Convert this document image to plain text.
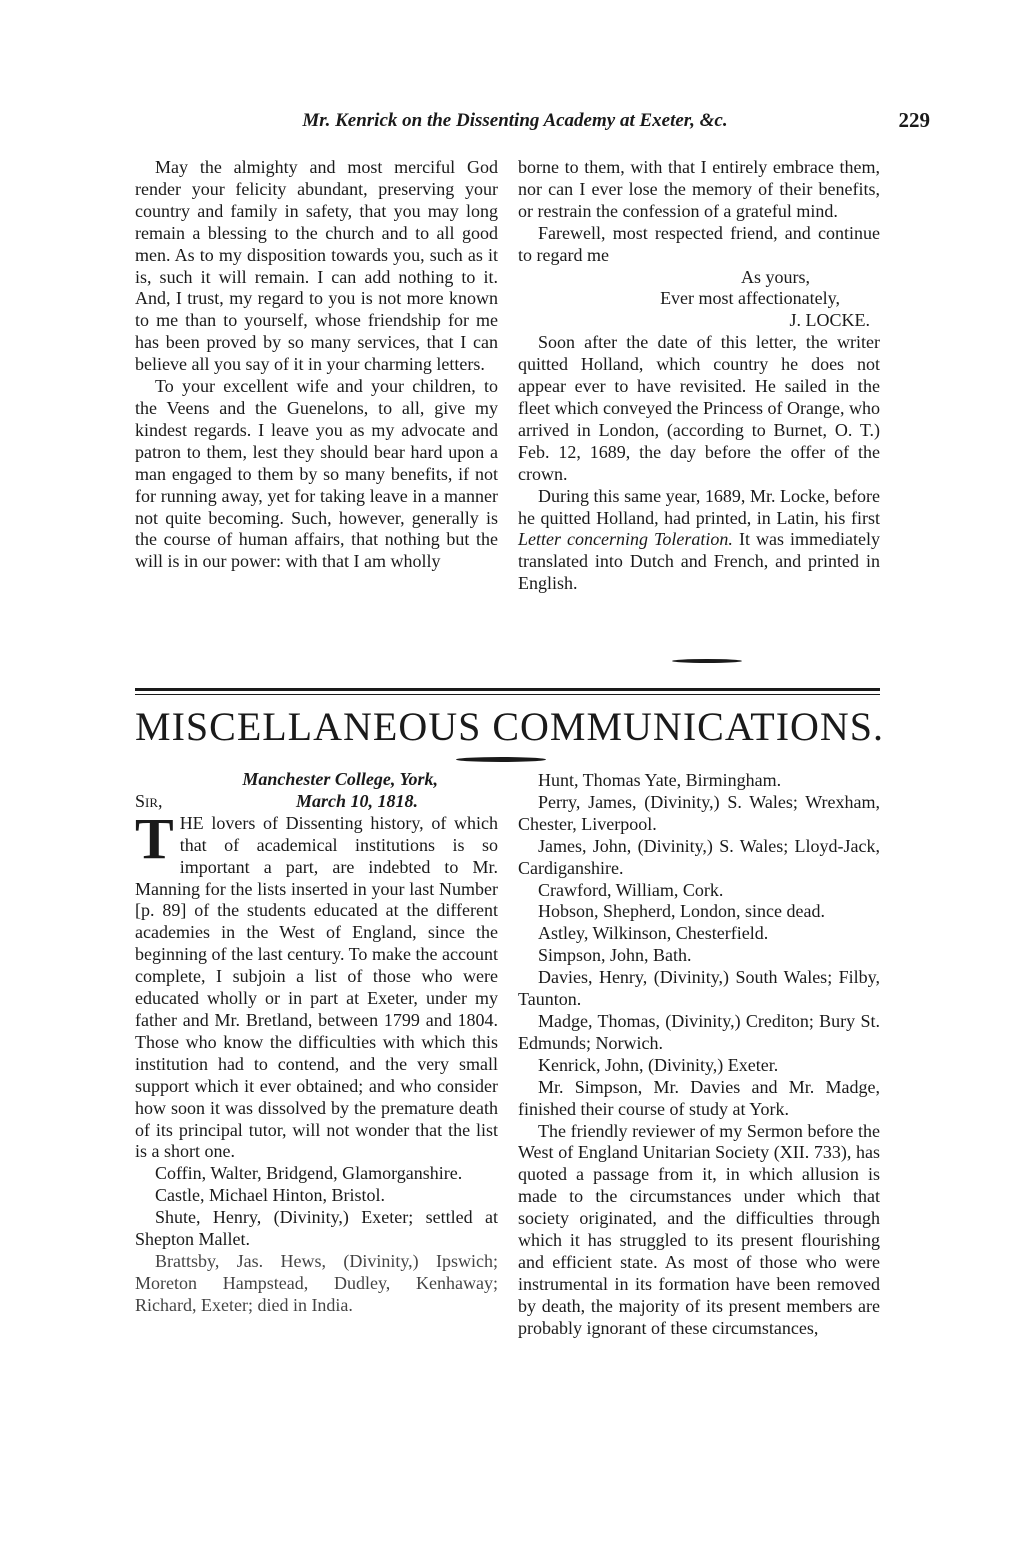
Mr. Kenrick on the Dissenting Academy at Exeter, &c.	229

May the almighty and most merciful God render your felicity abundant, preserving your country and family in safety, that you may long remain a blessing to the church and to all good men. As to my disposition towards you, such as it is, such it will remain. I can add nothing to it. And, I trust, my regard to you is not more known to me than to yourself, whose friendship for me has been proved by so many services, that I can believe all you say of it in your charming letters.

To your excellent wife and your children, to the Veens and the Guenelons, to all, give my kindest regards. I leave you as my advocate and patron to them, lest they should bear hard upon a man engaged to them by so many benefits, if not for running away, yet for taking leave in a manner not quite becoming. Such, however, generally is the course of human affairs, that nothing but the will is in our power: with that I am wholly

borne to them, with that I entirely embrace them, nor can I ever lose the memory of their benefits, or restrain the confession of a grateful mind.

Farewell, most respected friend, and continue to regard me

As yours,

Ever most affectionately,

J. LOCKE.

Soon after the date of this letter, the writer quitted Holland, which country he does not appear ever to have revisited. He sailed in the fleet which conveyed the Princess of Orange, who arrived in London, (according to Burnet, O. T.) Feb. 12, 1689, the day before the offer of the crown.

During this same year, 1689, Mr. Locke, before he quitted Holland, had printed, in Latin, his first Letter concerning Toleration. It was immediately translated into Dutch and French, and printed in English.

MISCELLANEOUS COMMUNICATIONS.
Manchester College, York,
Sir,	March 10, 1818.

THE lovers of Dissenting history, of which that of academical institutions is so important a part, are indebted to Mr. Manning for the lists inserted in your last Number [p. 89] of the students educated at the different academies in the West of England, since the beginning of the last century. To make the account complete, I subjoin a list of those who were educated wholly or in part at Exeter, under my father and Mr. Bretland, between 1799 and 1804. Those who know the difficulties with which this institution had to contend, and the very small support which it ever obtained; and who consider how soon it was dissolved by the premature death of its principal tutor, will not wonder that the list is a short one.

Coffin, Walter, Bridgend, Glamorganshire.

Castle, Michael Hinton, Bristol.

Shute, Henry, (Divinity,) Exeter; settled at Shepton Mallet.

Brattsby, Jas. Hews, (Divinity,) Ipswich; Moreton Hampstead, Dudley, Kenhaway; Richard, Exeter; died in India.

Hunt, Thomas Yate, Birmingham.

Perry, James, (Divinity,) S. Wales; Wrexham, Chester, Liverpool.

James, John, (Divinity,) S. Wales; Lloyd-Jack, Cardiganshire.

Crawford, William, Cork.

Hobson, Shepherd, London, since dead.

Astley, Wilkinson, Chesterfield.

Simpson, John, Bath.

Davies, Henry, (Divinity,) South Wales; Filby, Taunton.

Madge, Thomas, (Divinity,) Crediton; Bury St. Edmunds; Norwich.

Kenrick, John, (Divinity,) Exeter.

Mr. Simpson, Mr. Davies and Mr. Madge, finished their course of study at York.

The friendly reviewer of my Sermon before the West of England Unitarian Society (XII. 733), has quoted a passage from it, in which allusion is made to the circumstances under which that society originated, and the difficulties through which it has struggled to its present flourishing and efficient state. As most of those who were instrumental in its formation have been removed by death, the majority of its present members are probably ignorant of these circumstances,
